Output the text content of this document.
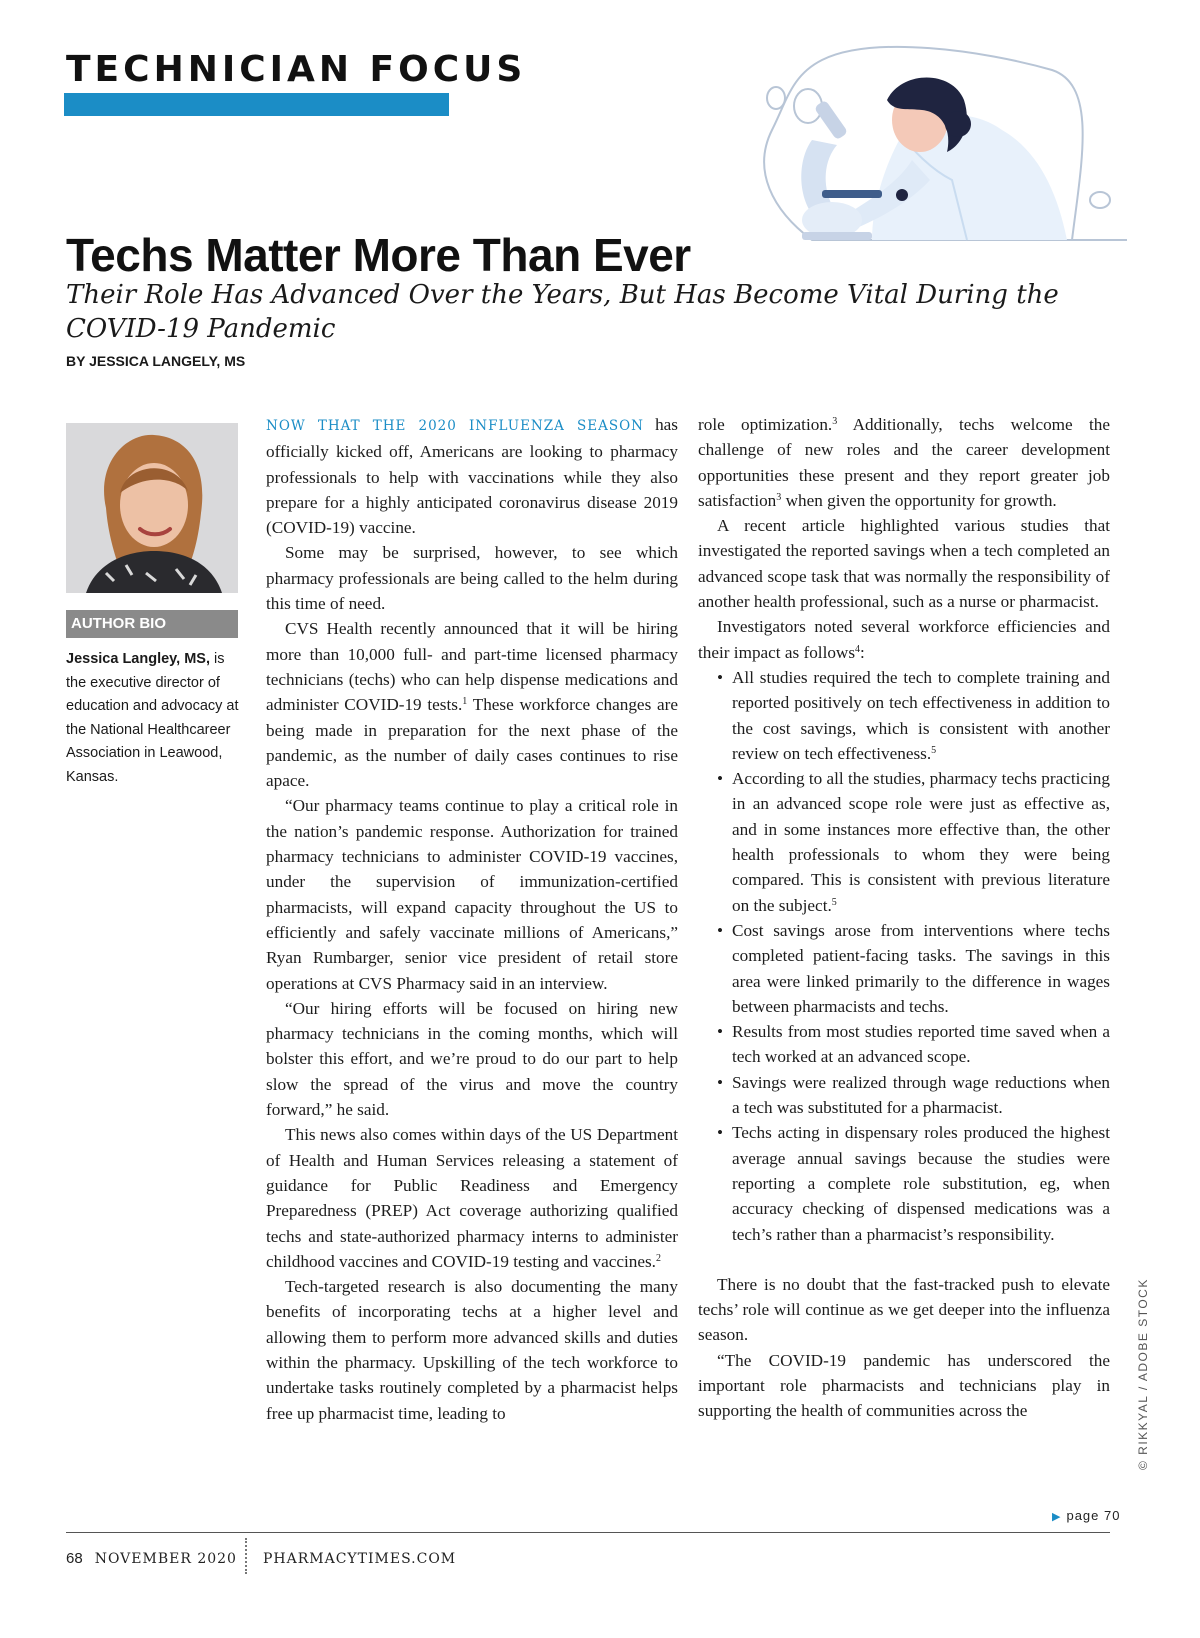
TECHNICIAN FOCUS
Techs Matter More Than Ever
Their Role Has Advanced Over the Years, But Has Become Vital During the COVID-19 Pandemic
BY JESSICA LANGELY, MS
AUTHOR BIO
Jessica Langley, MS, is the executive director of education and advocacy at the National Healthcareer Association in Leawood, Kansas.

NOW THAT THE 2020 INFLUENZA SEASON has officially kicked off, Americans are looking to pharmacy professionals to help with vaccinations while they also prepare for a highly anticipated coronavirus disease 2019 (COVID-19) vaccine.

Some may be surprised, however, to see which pharmacy professionals are being called to the helm during this time of need.

CVS Health recently announced that it will be hiring more than 10,000 full- and part-time licensed pharmacy technicians (techs) who can help dispense medications and administer COVID-19 tests.$^1$ These workforce changes are being made in preparation for the next phase of the pandemic, as the number of daily cases continues to rise apace.

“Our pharmacy teams continue to play a critical role in the nation’s pandemic response. Authorization for trained pharmacy technicians to administer COVID-19 vaccines, under the supervision of immunization-certified pharmacists, will expand capacity throughout the US to efficiently and safely vaccinate millions of Americans,” Ryan Rumbarger, senior vice president of retail store operations at CVS Pharmacy said in an interview.

“Our hiring efforts will be focused on hiring new pharmacy technicians in the coming months, which will bolster this effort, and we’re proud to do our part to help slow the spread of the virus and move the country forward,” he said.

This news also comes within days of the US Department of Health and Human Services releasing a statement of guidance for Public Readiness and Emergency Preparedness (PREP) Act coverage authorizing qualified techs and state-authorized pharmacy interns to administer childhood vaccines and COVID-19 testing and vaccines.$^2$

Tech-targeted research is also documenting the many benefits of incorporating techs at a higher level and allowing them to perform more advanced skills and duties within the pharmacy. Upskilling of the tech workforce to undertake tasks routinely completed by a pharmacist helps free up pharmacist time, leading to

role optimization.$^3$ Additionally, techs welcome the challenge of new roles and the career development opportunities these present and they report greater job satisfaction$^3$ when given the opportunity for growth.

A recent article highlighted various studies that investigated the reported savings when a tech completed an advanced scope task that was normally the responsibility of another health professional, such as a nurse or pharmacist.

Investigators noted several workforce efficiencies and their impact as follows$^4$:

• All studies required the tech to complete training and reported positively on tech effectiveness in addition to the cost savings, which is consistent with another review on tech effectiveness.$^5$
• According to all the studies, pharmacy techs practicing in an advanced scope role were just as effective as, and in some instances more effective than, the other health professionals to whom they were being compared. This is consistent with previous literature on the subject.$^5$
• Cost savings arose from interventions where techs completed patient-facing tasks. The savings in this area were linked primarily to the difference in wages between pharmacists and techs.
• Results from most studies reported time saved when a tech worked at an advanced scope.
• Savings were realized through wage reductions when a tech was substituted for a pharmacist.
• Techs acting in dispensary roles produced the highest average annual savings because the studies were reporting a complete role substitution, eg, when accuracy checking of dispensed medications was a tech’s rather than a pharmacist’s responsibility.

There is no doubt that the fast-tracked push to elevate techs’ role will continue as we get deeper into the influenza season.

“The COVID-19 pandemic has underscored the important role pharmacists and technicians play in supporting the health of communities across the

▶ page 70
© RIKKYAL / ADOBE STOCK
68 NOVEMBER 2020 PHARMACYTIMES.COM
